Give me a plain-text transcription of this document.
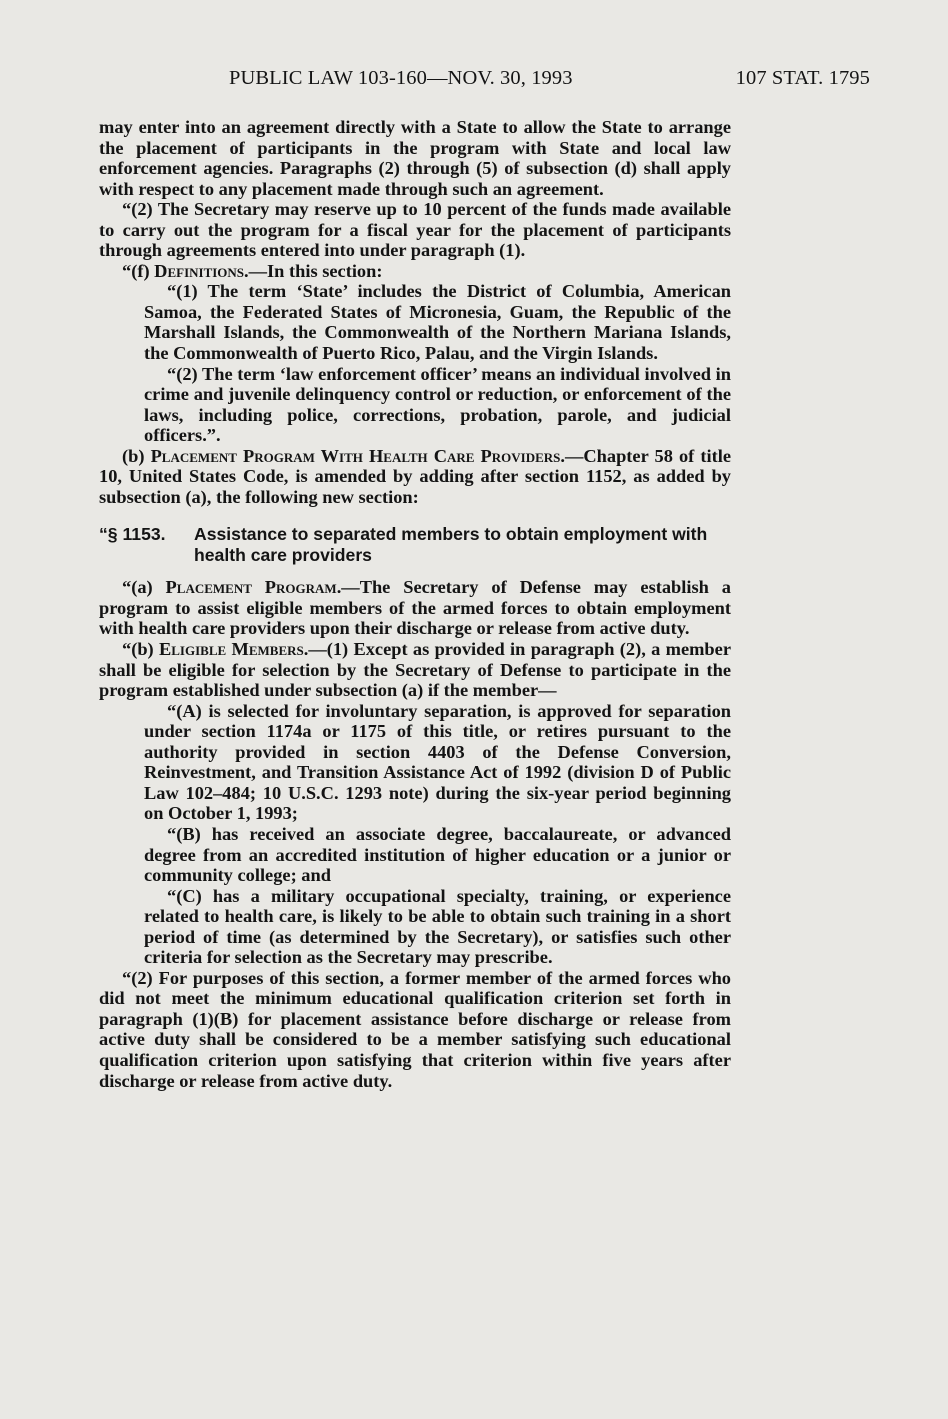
PUBLIC LAW 103-160—NOV. 30, 1993	107 STAT. 1795

may enter into an agreement directly with a State to allow the State to arrange the placement of participants in the program with State and local law enforcement agencies. Paragraphs (2) through (5) of subsection (d) shall apply with respect to any placement made through such an agreement.

“(2) The Secretary may reserve up to 10 percent of the funds made available to carry out the program for a fiscal year for the placement of participants through agreements entered into under paragraph (1).

“(f) Definitions.—In this section:

“(1) The term ‘State’ includes the District of Columbia, American Samoa, the Federated States of Micronesia, Guam, the Republic of the Marshall Islands, the Commonwealth of the Northern Mariana Islands, the Commonwealth of Puerto Rico, Palau, and the Virgin Islands.

“(2) The term ‘law enforcement officer’ means an individual involved in crime and juvenile delinquency control or reduction, or enforcement of the laws, including police, corrections, probation, parole, and judicial officers.”.

(b) Placement Program With Health Care Providers.—Chapter 58 of title 10, United States Code, is amended by adding after section 1152, as added by subsection (a), the following new section:

“§ 1153. Assistance to separated members to obtain employment with health care providers

“(a) Placement Program.—The Secretary of Defense may establish a program to assist eligible members of the armed forces to obtain employment with health care providers upon their discharge or release from active duty.

“(b) Eligible Members.—(1) Except as provided in paragraph (2), a member shall be eligible for selection by the Secretary of Defense to participate in the program established under subsection (a) if the member—

“(A) is selected for involuntary separation, is approved for separation under section 1174a or 1175 of this title, or retires pursuant to the authority provided in section 4403 of the Defense Conversion, Reinvestment, and Transition Assistance Act of 1992 (division D of Public Law 102–484; 10 U.S.C. 1293 note) during the six-year period beginning on October 1, 1993;

“(B) has received an associate degree, baccalaureate, or advanced degree from an accredited institution of higher education or a junior or community college; and

“(C) has a military occupational specialty, training, or experience related to health care, is likely to be able to obtain such training in a short period of time (as determined by the Secretary), or satisfies such other criteria for selection as the Secretary may prescribe.

“(2) For purposes of this section, a former member of the armed forces who did not meet the minimum educational qualification criterion set forth in paragraph (1)(B) for placement assistance before discharge or release from active duty shall be considered to be a member satisfying such educational qualification criterion upon satisfying that criterion within five years after discharge or release from active duty.
